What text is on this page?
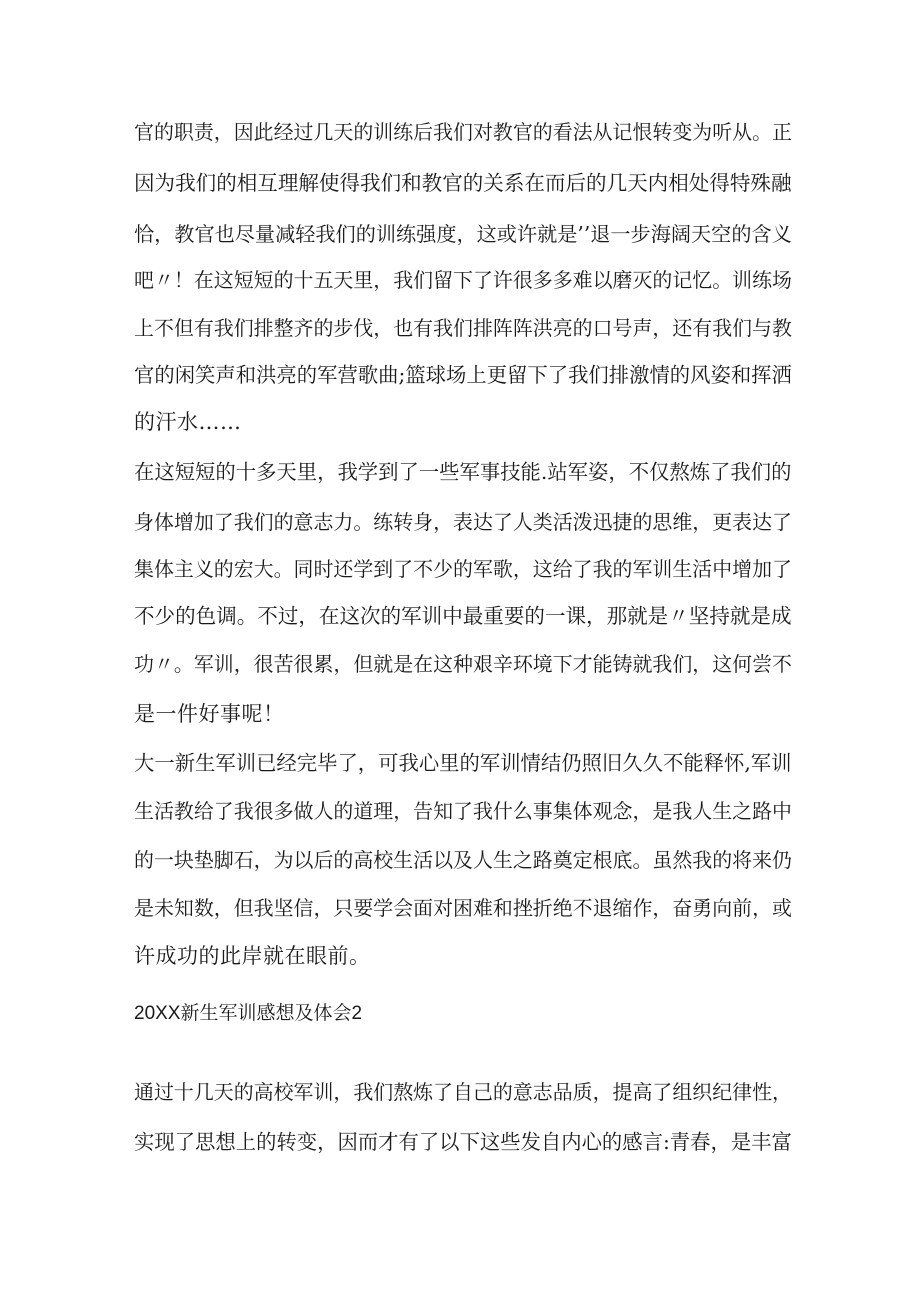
官的职责，因此经过几天的训练后我们对教官的看法从记恨转变为听从。正
因为我们的相互理解使得我们和教官的关系在而后的几天内相处得特殊融
恰，教官也尽量减轻我们的训练强度，这或许就是’’退一步海阔天空的含义
吧〃！在这短短的十五天里，我们留下了许很多多难以磨灭的记忆。训练场
上不但有我们排整齐的步伐，也有我们排阵阵洪亮的口号声，还有我们与教
官的闲笑声和洪亮的军营歌曲;篮球场上更留下了我们排激情的风姿和挥洒
的汗水……
在这短短的十多天里，我学到了一些军事技能.站军姿，不仅熬炼了我们的
身体增加了我们的意志力。练转身，表达了人类活泼迅捷的思维，更表达了
集体主义的宏大。同时还学到了不少的军歌，这给了我的军训生活中增加了
不少的色调。不过，在这次的军训中最重要的一课，那就是〃坚持就是成
功〃。军训，很苦很累，但就是在这种艰辛环境下才能铸就我们，这何尝不
是一件好事呢！
大一新生军训已经完毕了，可我心里的军训情结仍照旧久久不能释怀,军训
生活教给了我很多做人的道理，告知了我什么事集体观念，是我人生之路中
的一块垫脚石，为以后的高校生活以及人生之路奠定根底。虽然我的将来仍
是未知数，但我坚信，只要学会面对困难和挫折绝不退缩作，奋勇向前，或
许成功的此岸就在眼前。
20XX新生军训感想及体会2
通过十几天的高校军训，我们熬炼了自己的意志品质，提高了组织纪律性，
实现了思想上的转变，因而才有了以下这些发自内心的感言:青春，是丰富
